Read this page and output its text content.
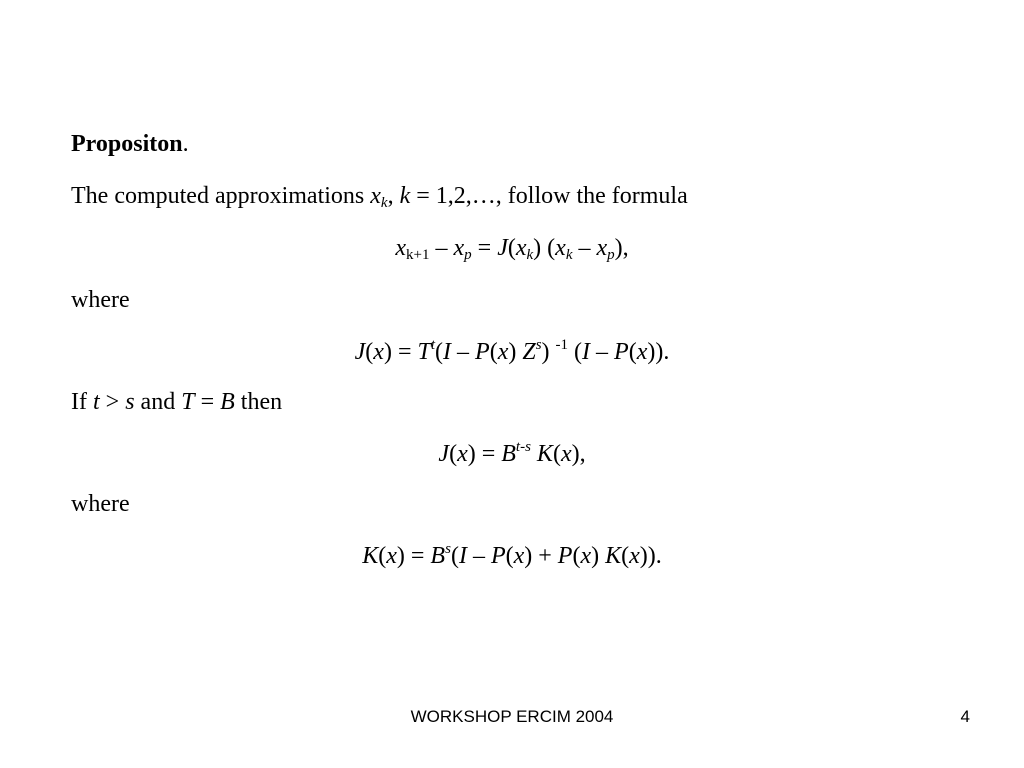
Propositon.
The computed approximations $x_k$, k = 1,2,…, follow the formula
$x_{k+1} - x_p = J(x_k)$ $(x_k - x_p)$,
where
$J(x) = T^t(I - P(x)$ $Z^s$) $^{-1}$ (I – P(x)).
If t > s and T = B then
$J(x) = B^{t-s}$ K(x),
where
$K(x) = B^s(I - P(x) + P(x)$ K(x)).
WORKSHOP ERCIM 2004	4
